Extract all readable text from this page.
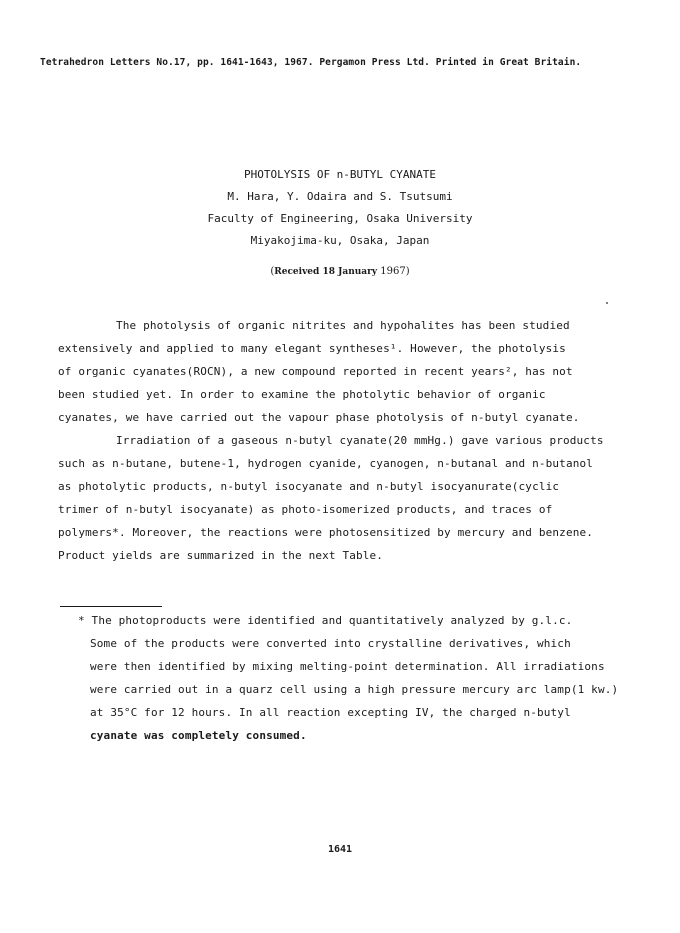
Tetrahedron Letters No.17, pp. 1641-1643, 1967. Pergamon Press Ltd. Printed in Great Britain.
PHOTOLYSIS OF n-BUTYL CYANATE
M. Hara, Y. Odaira and S. Tsutsumi
Faculty of Engineering, Osaka University
Miyakojima-ku, Osaka, Japan
(Received 18 January 1967)
The photolysis of organic nitrites and hypohalites has been studied
extensively and applied to many elegant syntheses¹. However, the photolysis
of organic cyanates(ROCN), a new compound reported in recent years², has not
been studied yet. In order to examine the photolytic behavior of organic
cyanates, we have carried out the vapour phase photolysis of n-butyl cyanate.
Irradiation of a gaseous n-butyl cyanate(20 mmHg.) gave various products
such as n-butane, butene-1, hydrogen cyanide, cyanogen, n-butanal and n-butanol
as photolytic products, n-butyl isocyanate and n-butyl isocyanurate(cyclic
trimer of n-butyl isocyanate) as photo-isomerized products, and traces of
polymers*. Moreover, the reactions were photosensitized by mercury and benzene.
Product yields are summarized in the next Table.
* The photoproducts were identified and quantitatively analyzed by g.l.c.
Some of the products were converted into crystalline derivatives, which
were then identified by mixing melting-point determination. All irradiations
were carried out in a quarz cell using a high pressure mercury arc lamp(1 kw.)
at 35°C for 12 hours. In all reaction excepting IV, the charged n-butyl
cyanate was completely consumed.
1641
